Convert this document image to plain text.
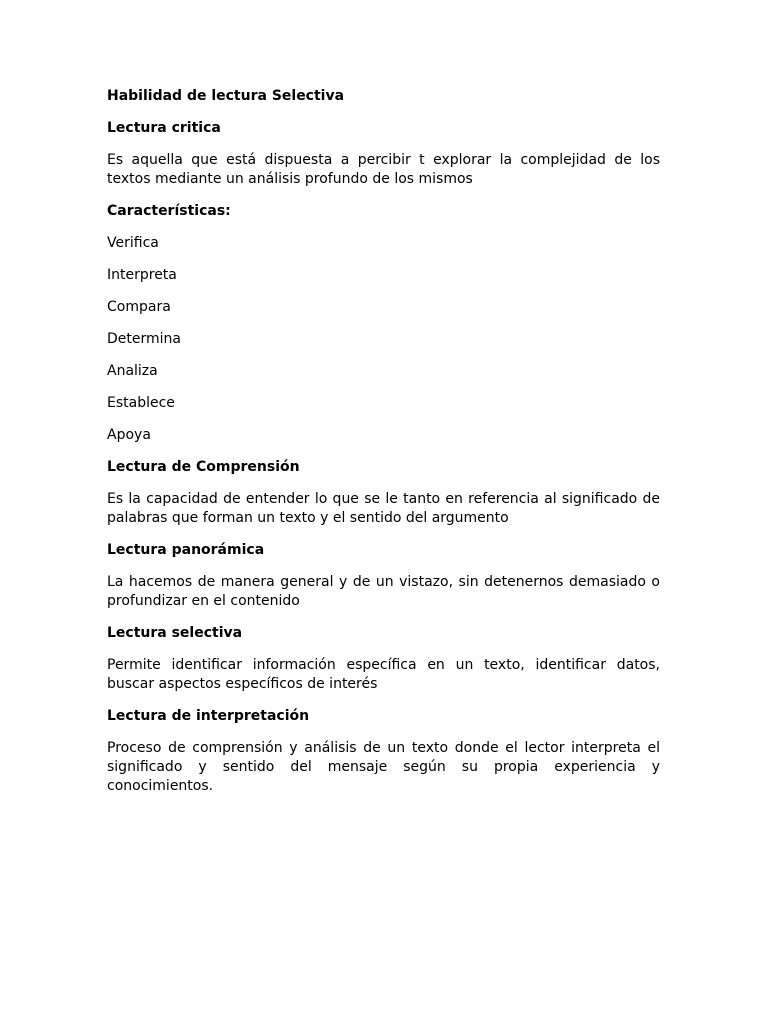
Habilidad de lectura Selectiva
Lectura critica
Es aquella que está dispuesta a percibir t explorar la complejidad de los textos mediante un análisis profundo de los mismos
Características:
Verifica
Interpreta
Compara
Determina
Analiza
Establece
Apoya
Lectura de Comprensión
Es la capacidad de entender lo que se le tanto en referencia al significado de palabras que forman un texto y el sentido del argumento
Lectura panorámica
La hacemos de manera general y de un vistazo, sin detenernos demasiado o profundizar en el contenido
Lectura selectiva
Permite identificar información específica en un texto, identificar datos, buscar aspectos específicos de interés
Lectura de interpretación
Proceso de comprensión y análisis de un texto donde el lector interpreta el significado y sentido del mensaje según su propia experiencia y conocimientos.
